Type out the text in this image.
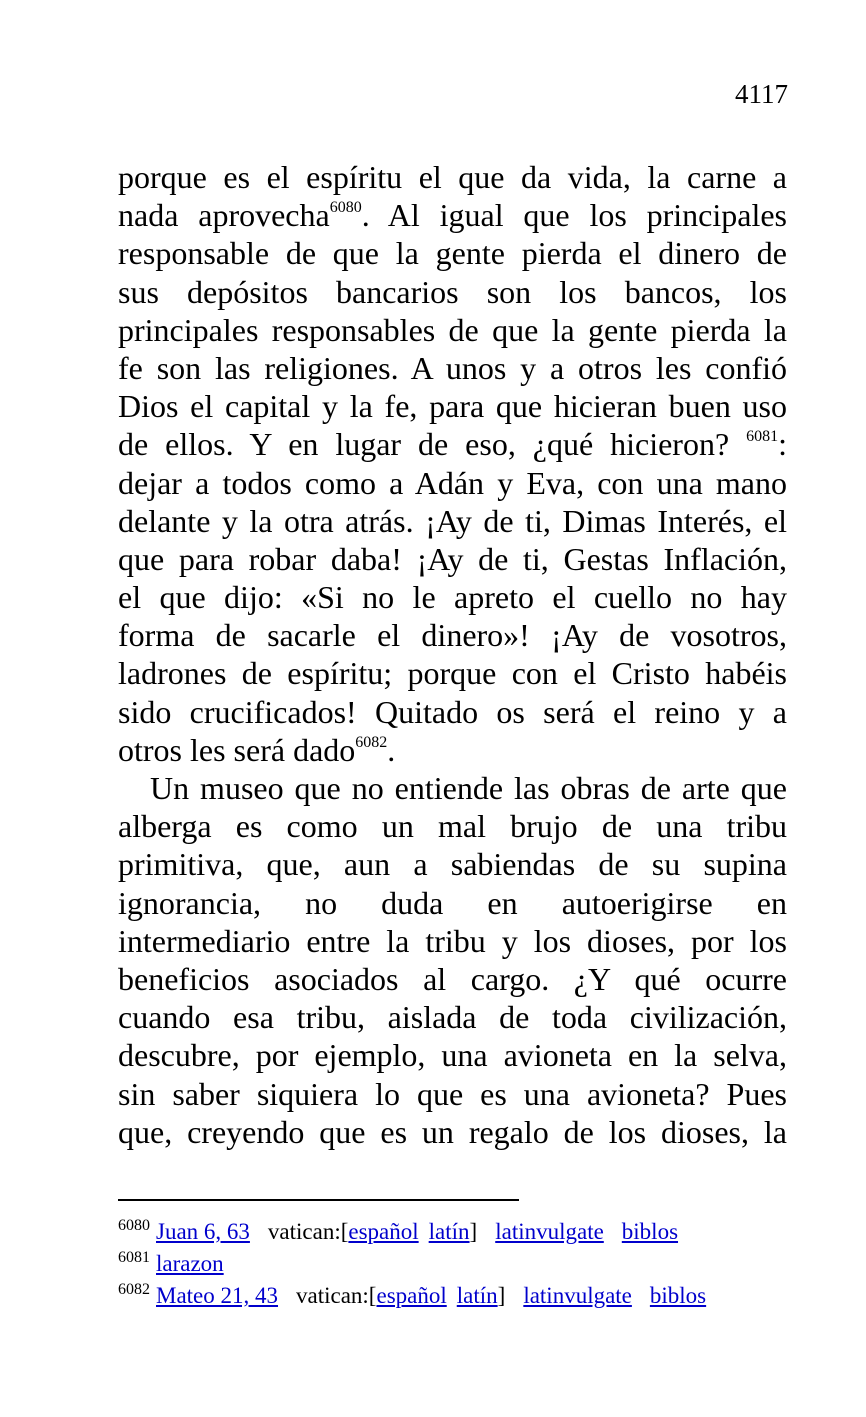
4117
porque es el espíritu el que da vida, la carne a
nada aprovecha$^{6080}$. Al igual que los principales
responsable de que la gente pierda el dinero de
sus depósitos bancarios son los bancos, los
principales responsables de que la gente pierda la
fe son las religiones. A unos y a otros les confió
Dios el capital y la fe, para que hicieran buen uso
de ellos. Y en lugar de eso, ¿qué hicieron? $^{6081}$:
dejar a todos como a Adán y Eva, con una mano
delante y la otra atrás. ¡Ay de ti, Dimas Interés, el
que para robar daba! ¡Ay de ti, Gestas Inflación,
el que dijo: «Si no le apreto el cuello no hay
forma de sacarle el dinero»! ¡Ay de vosotros,
ladrones de espíritu; porque con el Cristo habéis
sido crucificados! Quitado os será el reino y a
otros les será dado$^{6082}$.
Un museo que no entiende las obras de arte que
alberga es como un mal brujo de una tribu
primitiva, que, aun a sabiendas de su supina
ignorancia, no duda en autoerigirse en
intermediario entre la tribu y los dioses, por los
beneficios asociados al cargo. ¿Y qué ocurre
cuando esa tribu, aislada de toda civilización,
descubre, por ejemplo, una avioneta en la selva,
sin saber siquiera lo que es una avioneta? Pues
que, creyendo que es un regalo de los dioses, la
$^{6080}$ Juan 6, 63 vatican:[español latín] latinvulgate biblos
$^{6081}$ larazon
$^{6082}$ Mateo 21, 43 vatican:[español latín] latinvulgate biblos
